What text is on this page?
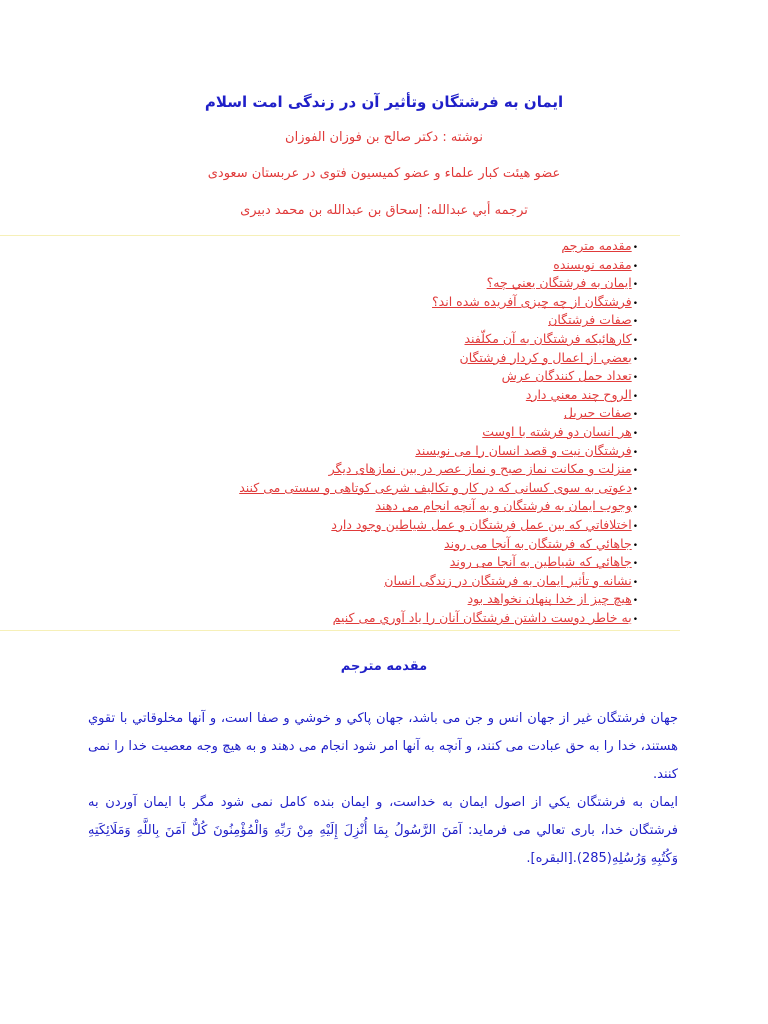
ايمان به فرشتگان وتأثير آن در زندگی امت اسلام
نوشته‌ : دكتر صالح بن فوزان الفوزان
عضو هيئت كبار علماء و عضو كميسيون فتوی در عربستان سعودی
ترجمه‌ أبي عبدالله: إسحاق بن عبدالله بن محمد دبيری
•مقدمه مترجم
•مقدمه نويسنده
•ايمان به فرشتگان يعني چه؟
•فرشتگان از چه چيزی آفريده شده اند؟
•صفات فرشتگان
•كارهائيكه فرشتگان به آن مكلّفند
•بعضي از اعمال و كردار فرشتگان
•تعداد حمل كنندگان عرش
•الروح چند معني دارد
•صفات جبريل
•هر انسان دو فرشته با اوست
•فرشتگان نيت و قصد انسان را می نويسند
•منزلت و مكانت نماز صبح و نماز عصر در بين نمازهای ديگر
•دعوتی به سوی كسانی كه در كار و تكاليف شرعی كوتاهی و سستی می كنند
•وجوب ايمان به فرشتگان و به آنچه انجام می دهند
•اختلافاتي كه بين عمل فرشتگان و عمل شياطين وجود دارد
•جاهائي كه فرشتگان به آنجا می روند
•جاهائي كه شياطين به آنجا می روند
•نشانه و تأثير ايمان به فرشتگان در زندگی انسان
•هيچ چيز از خدا پنهان نخواهد بود
•به خاطر دوست داشتن فرشتگان آنان را ياد آوري می كنيم
مقدمه مترجم

جهان فرشتگان غير از جهان انس و جن می باشد، جهان پاكي و خوشي و صفا است، و آنها مخلوقاتي با تقوي هستند، خدا را به حق عبادت می كنند، و آنچه به آنها امر شود انجام می دهند و به هيچ وجه معصيت خدا را نمی كنند.

ايمان به فرشتگان يكي از اصول ايمان به خداست، و ايمان بنده كامل نمی شود مگر با ايمان آوردن به فرشتگان خدا، باری تعالي می فرمايد: آمَنَ الرَّسُولُ بِمَا أُنْزِلَ إِلَيْهِ مِنْ رَبِّهِ وَالْمُؤْمِنُونَ كُلٌّ آمَنَ بِاللَّهِ وَمَلَائِكَتِهِ وَكُتُبِهِ وَرُسُلِهِ(285).[البقره].
